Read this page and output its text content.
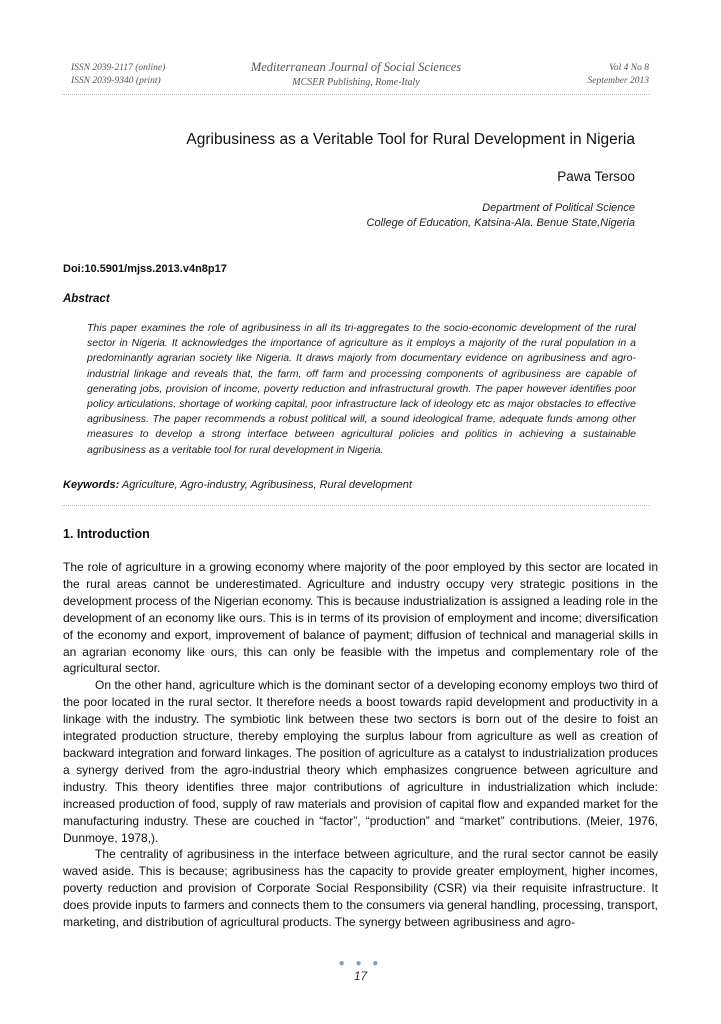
ISSN 2039-2117 (online)
ISSN 2039-9340 (print)
Mediterranean Journal of Social Sciences
MCSER Publishing, Rome-Italy
Vol 4 No 8
September 2013
Agribusiness as a Veritable Tool for Rural Development in Nigeria
Pawa Tersoo
Department of Political Science
College of Education, Katsina-Ala. Benue State,Nigeria
Doi:10.5901/mjss.2013.v4n8p17
Abstract
This paper examines the role of agribusiness in all its tri-aggregates to the socio-economic development of the rural sector in Nigeria. It acknowledges the importance of agriculture as it employs a majority of the rural population in a predominantly agrarian society like Nigeria. It draws majorly from documentary evidence on agribusiness and agro-industrial linkage and reveals that, the farm, off farm and processing components of agribusiness are capable of generating jobs, provision of income, poverty reduction and infrastructural growth. The paper however identifies poor policy articulations, shortage of working capital, poor infrastructure lack of ideology etc as major obstacles to effective agribusiness. The paper recommends a robust political will, a sound ideological frame, adequate funds among other measures to develop a strong interface between agricultural policies and politics in achieving a sustainable agribusiness as a veritable tool for rural development in Nigeria.
Keywords: Agriculture, Agro-industry, Agribusiness, Rural development
1. Introduction

The role of agriculture in a growing economy where majority of the poor employed by this sector are located in the rural areas cannot be underestimated. Agriculture and industry occupy very strategic positions in the development process of the Nigerian economy. This is because industrialization is assigned a leading role in the development of an economy like ours. This is in terms of its provision of employment and income; diversification of the economy and export, improvement of balance of payment; diffusion of technical and managerial skills in an agrarian economy like ours, this can only be feasible with the impetus and complementary role of the agricultural sector.

On the other hand, agriculture which is the dominant sector of a developing economy employs two third of the poor located in the rural sector. It therefore needs a boost towards rapid development and productivity in a linkage with the industry. The symbiotic link between these two sectors is born out of the desire to foist an integrated production structure, thereby employing the surplus labour from agriculture as well as creation of backward integration and forward linkages. The position of agriculture as a catalyst to industrialization produces a synergy derived from the agro-industrial theory which emphasizes congruence between agriculture and industry. This theory identifies three major contributions of agriculture in industrialization which include: increased production of food, supply of raw materials and provision of capital flow and expanded market for the manufacturing industry. These are couched in “factor”, “production” and “market” contributions. (Meier, 1976, Dunmoye, 1978,).

The centrality of agribusiness in the interface between agriculture, and the rural sector cannot be easily waved aside. This is because; agribusiness has the capacity to provide greater employment, higher incomes, poverty reduction and provision of Corporate Social Responsibility (CSR) via their requisite infrastructure. It does provide inputs to farmers and connects them to the consumers via general handling, processing, transport, marketing, and distribution of agricultural products. The synergy between agribusiness and agro-

● ● ●
17
